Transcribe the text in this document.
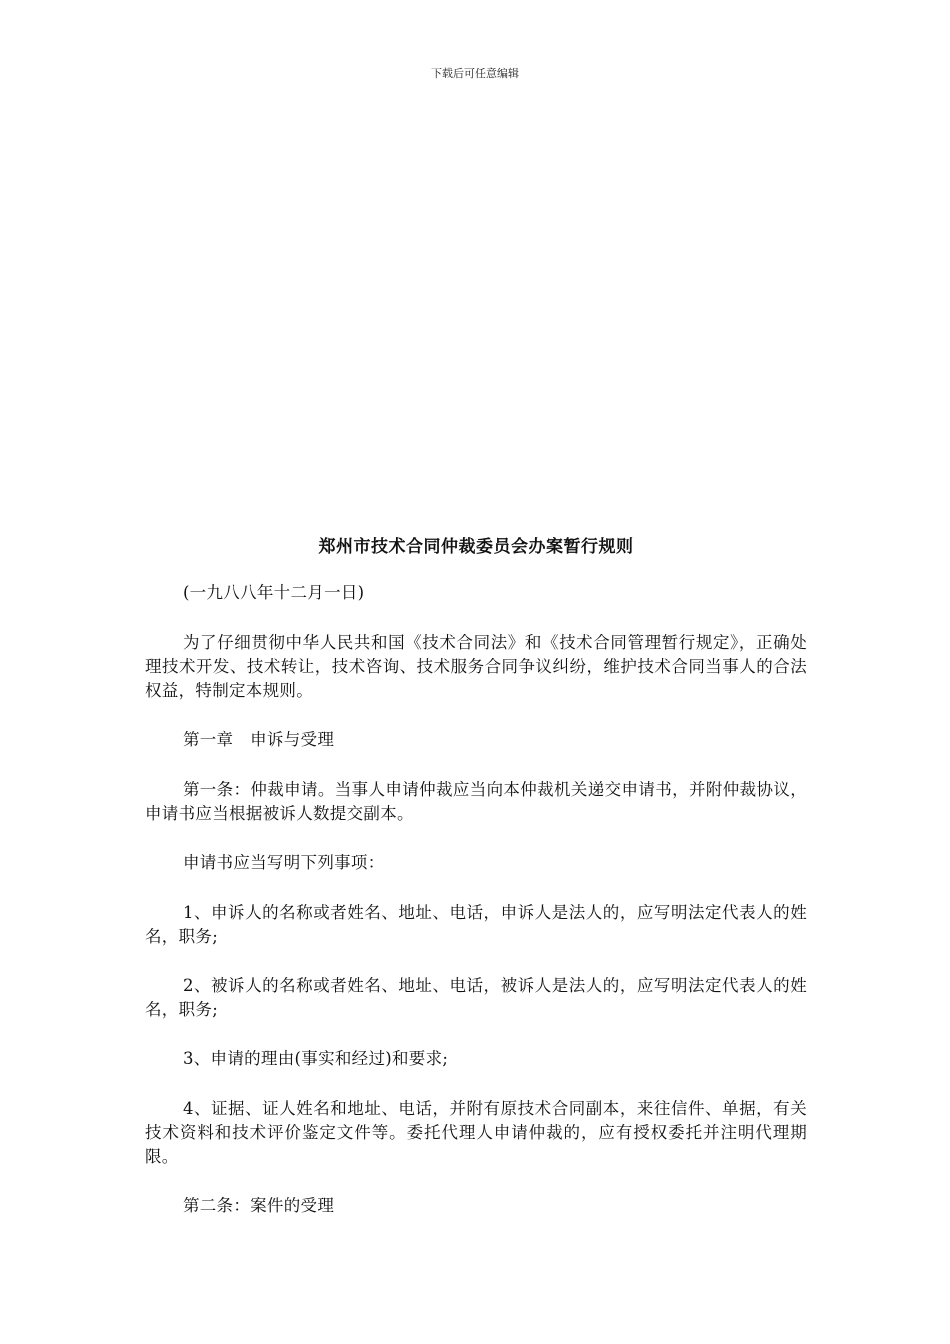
下载后可任意编辑
郑州市技术合同仲裁委员会办案暂行规则

(一九八八年十二月一日)

为了仔细贯彻中华人民共和国《技术合同法》和《技术合同管理暂行规定》，正确处理技术开发、技术转让，技术咨询、技术服务合同争议纠纷，维护技术合同当事人的合法权益，特制定本规则。

第一章　申诉与受理

第一条：仲裁申请。当事人申请仲裁应当向本仲裁机关递交申请书，并附仲裁协议，申请书应当根据被诉人数提交副本。

申请书应当写明下列事项：

1、申诉人的名称或者姓名、地址、电话，申诉人是法人的，应写明法定代表人的姓名，职务;

2、被诉人的名称或者姓名、地址、电话，被诉人是法人的，应写明法定代表人的姓名，职务;

3、申请的理由(事实和经过)和要求;

4、证据、证人姓名和地址、电话，并附有原技术合同副本，来往信件、单据，有关技术资料和技术评价鉴定文件等。委托代理人申请仲裁的，应有授权委托并注明代理期限。

第二条：案件的受理
